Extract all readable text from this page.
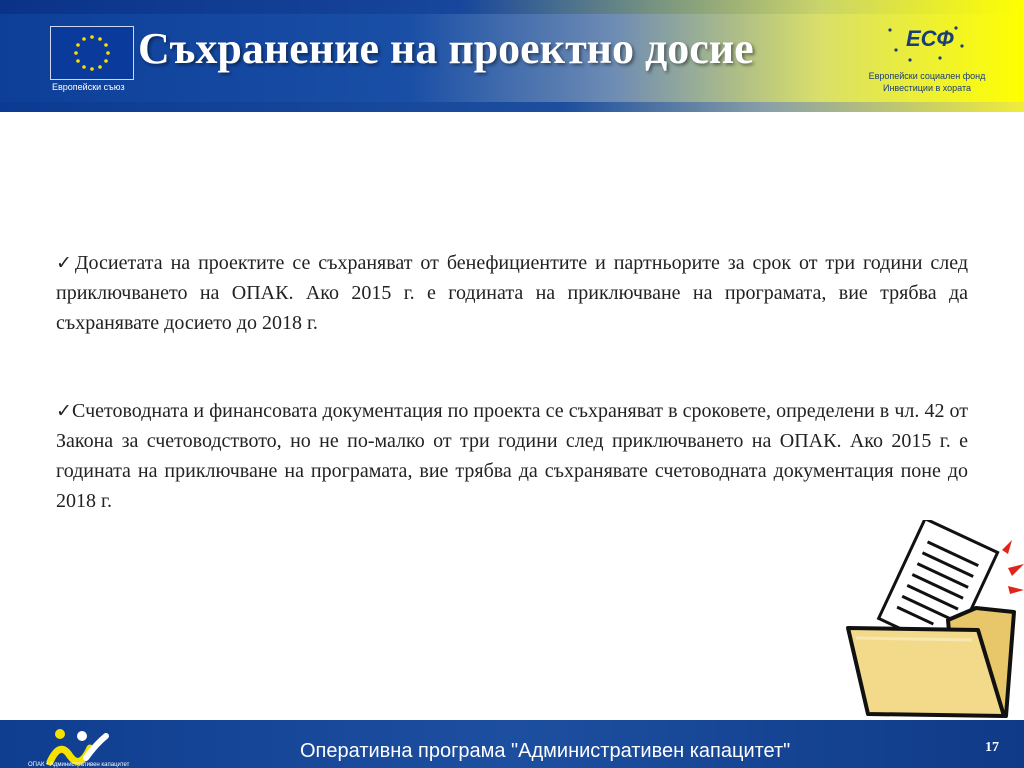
Европейски съюз
Съхранение на проектно досие	ЕСФ
Европейски социален фонд
Инвестиции в хората

✓Досиетата на проектите се съхраняват от бенефициентите и партньорите за срок от три години след приключването на ОПАК. Ако 2015 г. е годината на приключване на програмата, вие трябва да съхранявате досието до 2018 г.

✓Счетоводната и финансовата документация по проекта се съхраняват в сроковете, определени в чл. 42 от Закона за счетоводството, но не по-малко от три години след приключването на ОПАК. Ако 2015 г. е годината на приключване на програмата, вие трябва да съхранявате счетоводната документация поне до 2018 г.

ОПАК • Административен капацитет
Оперативна програма "Административен капацитет"	17
